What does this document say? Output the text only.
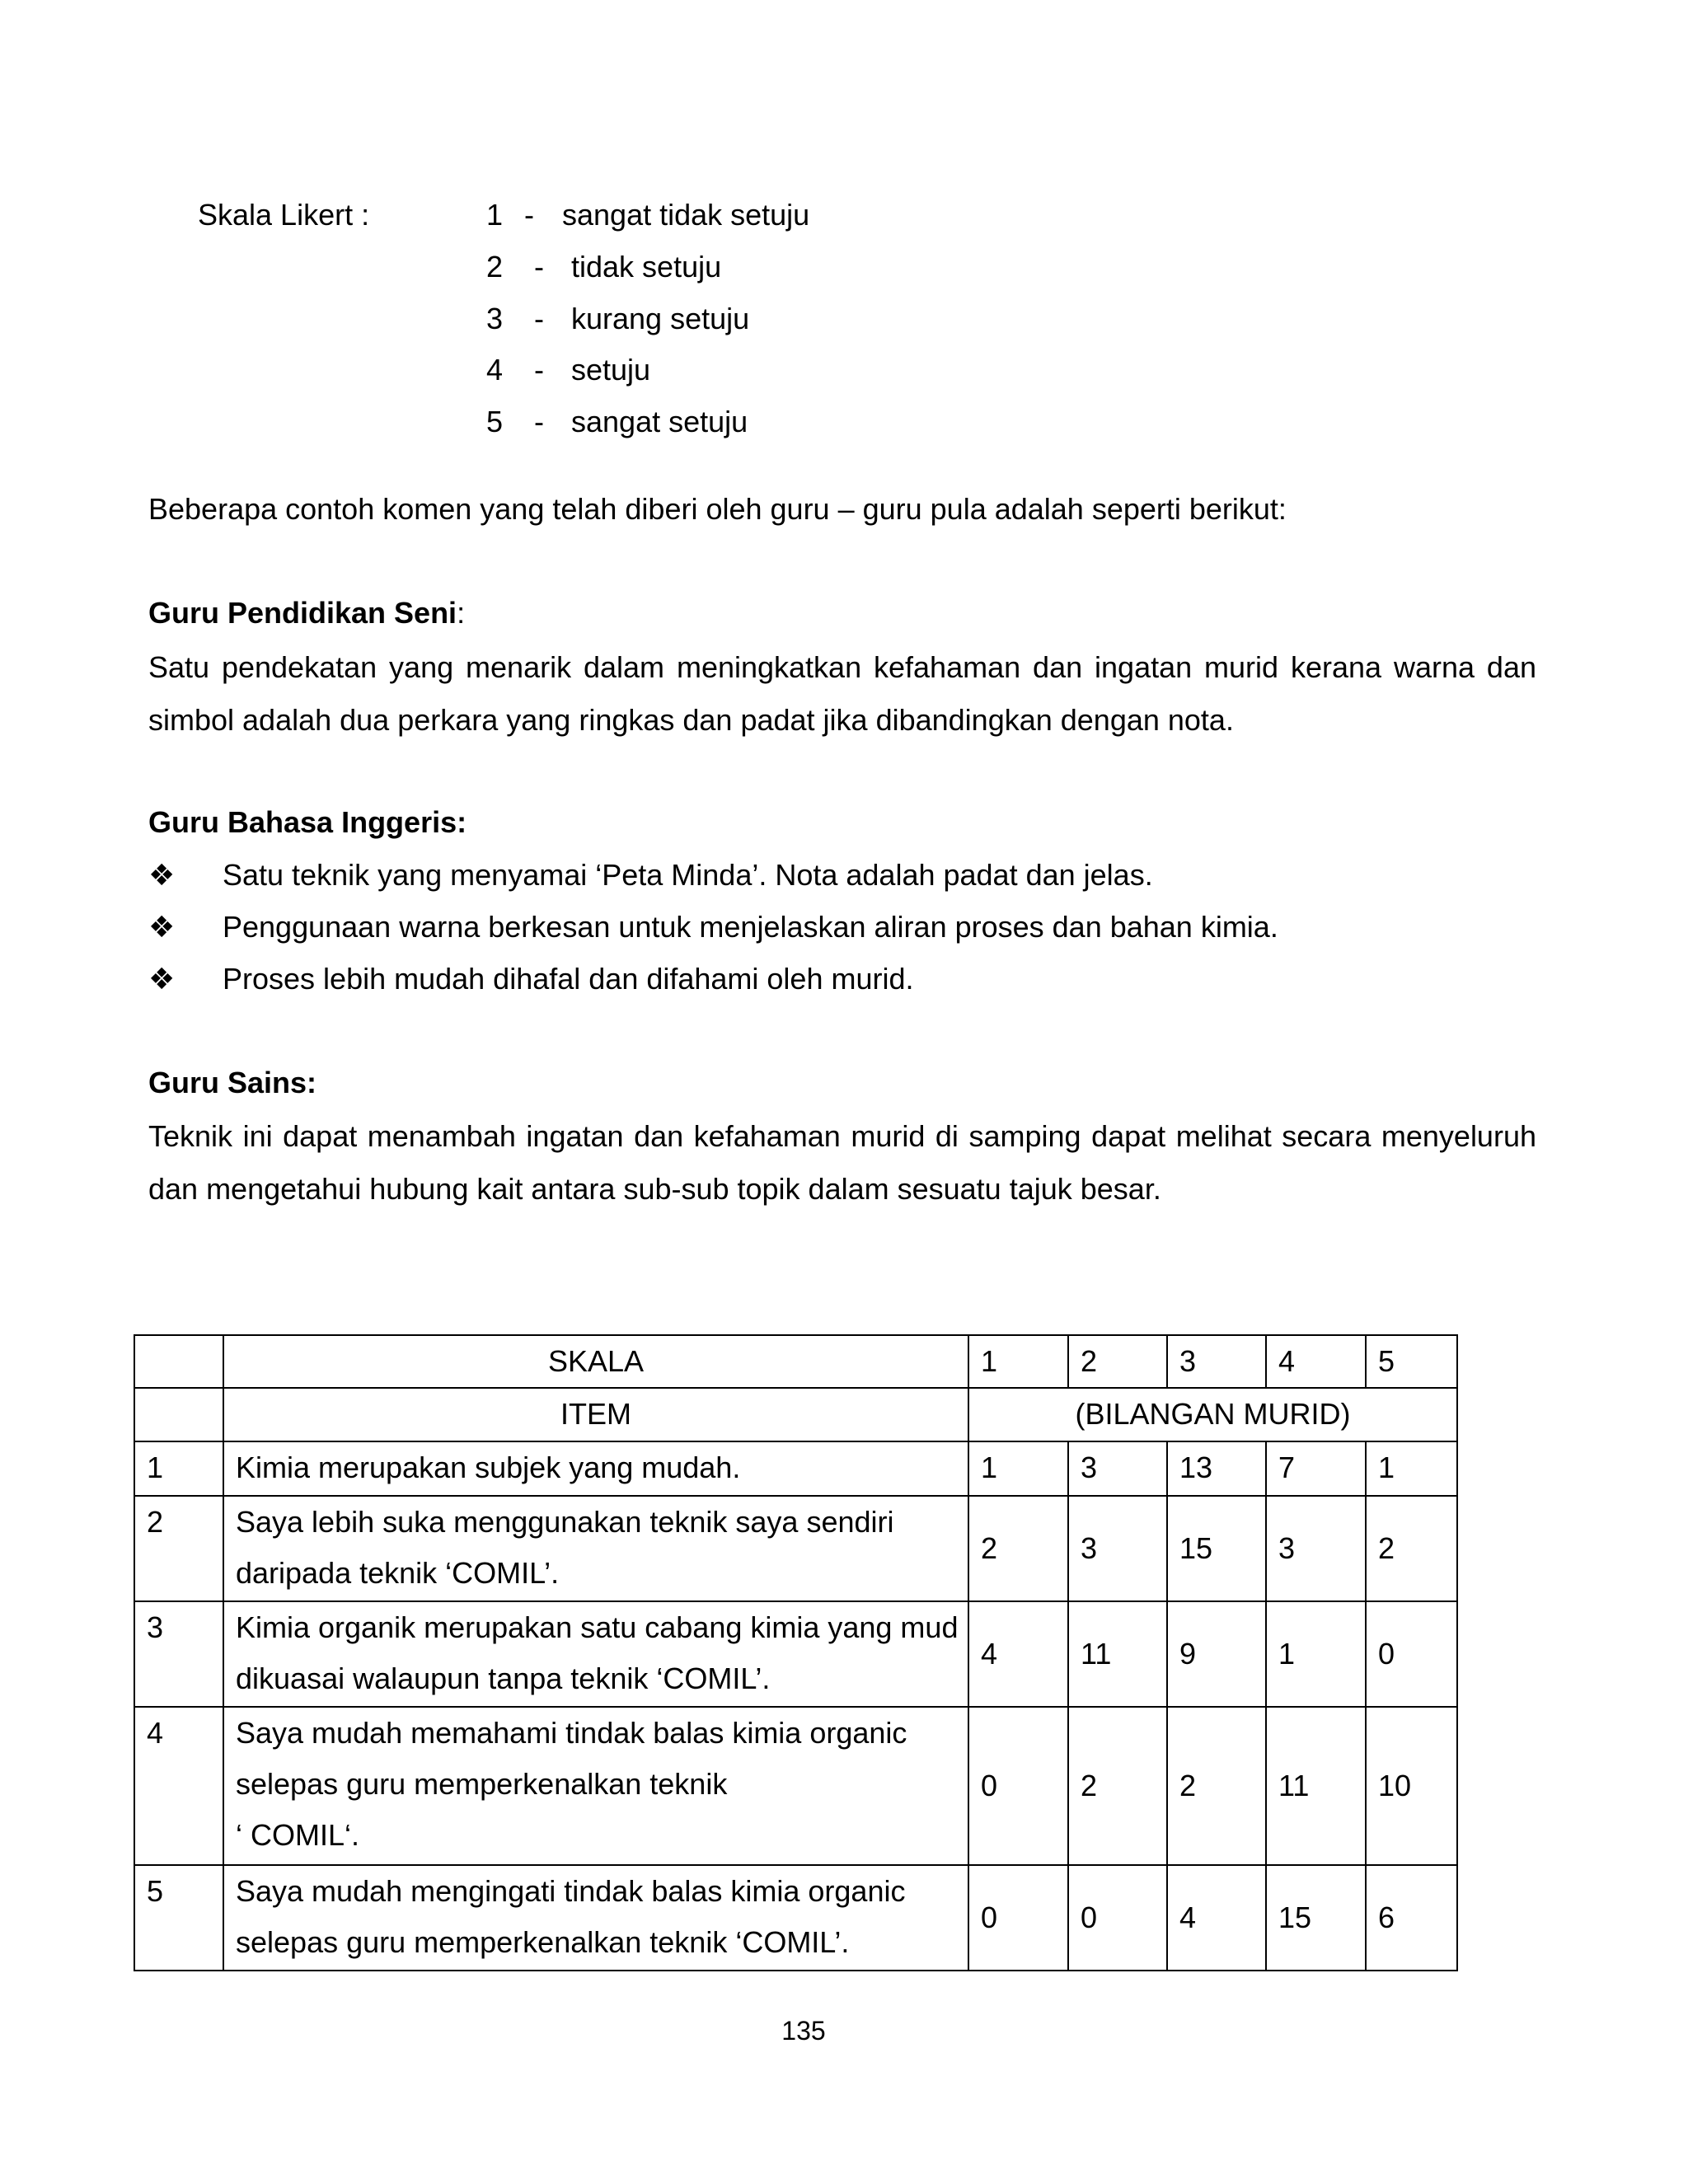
Skala Likert :	1 - sangat tidak setuju
2 - tidak setuju
3 - kurang setuju
4 - setuju
5 - sangat setuju
Beberapa contoh komen yang telah diberi oleh guru – guru pula adalah seperti berikut:
Guru Pendidikan Seni:
Satu pendekatan yang menarik dalam meningkatkan kefahaman dan ingatan murid kerana warna dan simbol adalah dua perkara yang ringkas dan padat jika dibandingkan dengan nota.
Guru Bahasa Inggeris:
❖ Satu teknik yang menyamai ‘Peta Minda’. Nota adalah padat dan jelas.
❖ Penggunaan warna berkesan untuk menjelaskan aliran proses dan bahan kimia.
❖ Proses lebih mudah dihafal dan difahami oleh murid.
Guru Sains:
Teknik ini dapat menambah ingatan dan kefahaman murid di samping dapat melihat secara menyeluruh dan mengetahui hubung kait antara sub-sub topik dalam sesuatu tajuk besar.
	SKALA	1	2	3	4	5
	ITEM	(BILANGAN MURID)				
1	Kimia merupakan subjek yang mudah.	1	3	13	7	1
2	Saya lebih suka menggunakan teknik saya sendiri daripada teknik ‘COMIL’.	2	3	15	3	2
3	Kimia organik merupakan satu cabang kimia yang mud
dikuasai walaupun tanpa teknik ‘COMIL’.	4	11	9	1	0
4	Saya mudah memahami tindak balas kimia organic
selepas guru memperkenalkan teknik
‘ COMIL‘.	0	2	2	11	10
5	Saya mudah mengingati tindak balas kimia organic selepas guru memperkenalkan teknik ‘COMIL’.	0	0	4	15	6
135
